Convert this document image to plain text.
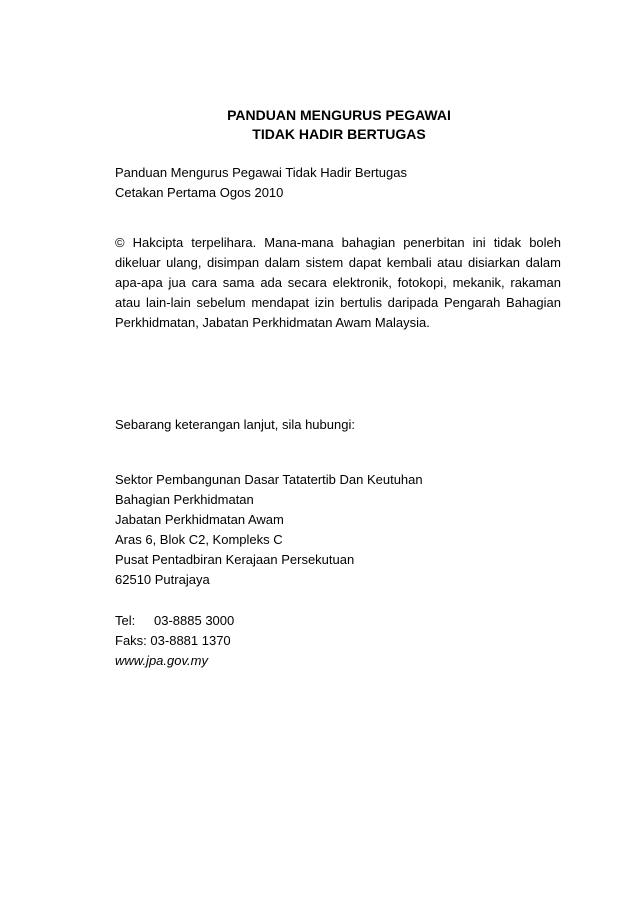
PANDUAN MENGURUS PEGAWAI
TIDAK HADIR BERTUGAS
Panduan Mengurus Pegawai Tidak Hadir Bertugas
Cetakan Pertama Ogos 2010
© Hakcipta terpelihara. Mana-mana bahagian penerbitan ini tidak boleh
dikeluar ulang, disimpan dalam sistem dapat kembali atau disiarkan dalam
apa-apa jua cara sama ada secara elektronik, fotokopi, mekanik, rakaman
atau lain-lain sebelum mendapat izin bertulis daripada Pengarah Bahagian
Perkhidmatan, Jabatan Perkhidmatan Awam Malaysia.
Sebarang keterangan lanjut, sila hubungi:
Sektor Pembangunan Dasar Tatatertib Dan Keutuhan
Bahagian Perkhidmatan
Jabatan Perkhidmatan Awam
Aras 6, Blok C2, Kompleks C
Pusat Pentadbiran Kerajaan Persekutuan
62510 Putrajaya
Tel: 03-8885 3000
Faks: 03-8881 1370
www.jpa.gov.my
